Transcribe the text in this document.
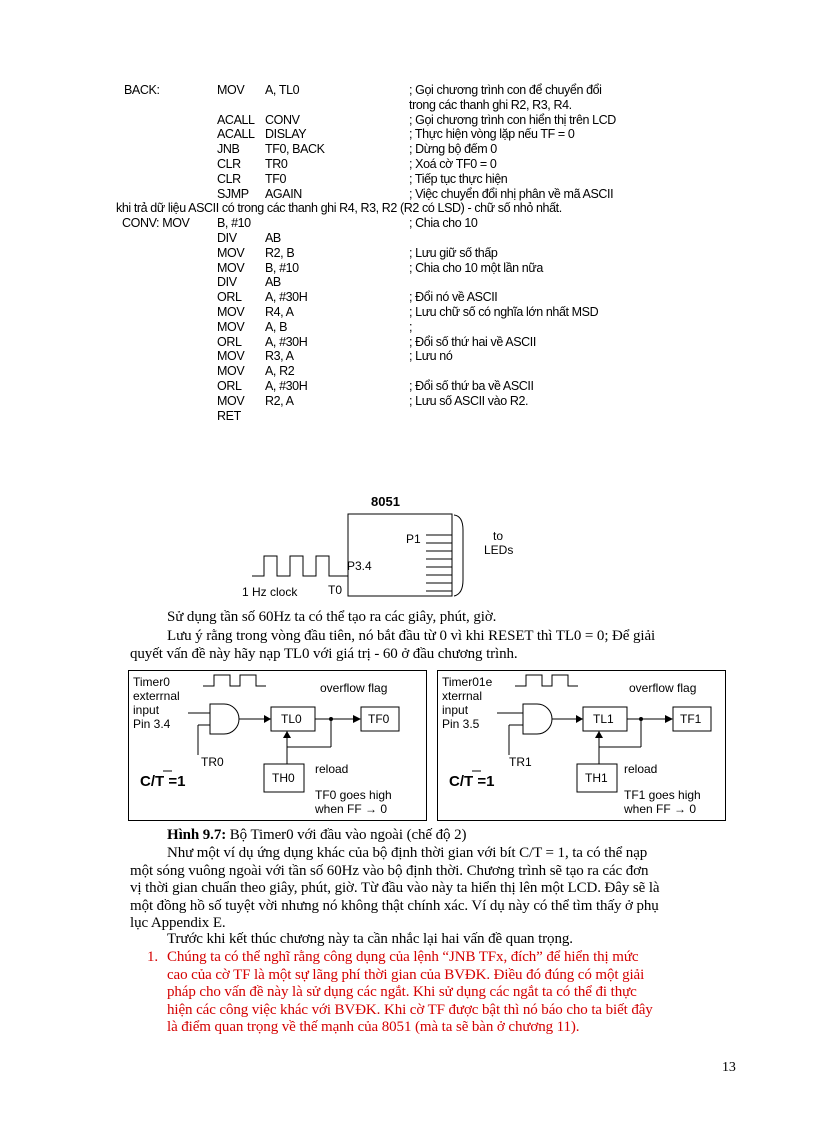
BACK:	MOV A, TL0	; Gọi chương trình con để chuyển đổi
trong các thanh ghi R2, R3, R4.
ACALL CONV	; Gọi chương trình con hiển thị trên LCD
ACALL DISLAY	; Thực hiện vòng lặp nếu TF = 0
JNB TF0, BACK	; Dừng bộ đếm 0
CLR TR0	; Xoá cờ TF0 = 0
CLR TF0	; Tiếp tục thực hiện
SJMP AGAIN	; Việc chuyển đổi nhị phân về mã ASCII
khi trả dữ liệu ASCII có trong các thanh ghi R4, R3, R2 (R2 có LSD) - chữ số nhỏ nhất.
CONV: MOV B, #10	; Chia cho 10
DIV AB
MOV R2, B	; Lưu giữ số thấp
MOV B, #10	; Chia cho 10 một lần nữa
DIV AB
ORL A, #30H	; Đổi nó về ASCII
MOV R4, A	; Lưu chữ số có nghĩa lớn nhất MSD
MOV A, B	;
ORL A, #30H	; Đổi số thứ hai về ASCII
MOV R3, A	; Lưu nó
MOV A, R2
ORL A, #30H	; Đổi số thứ ba về ASCII
MOV R2, A	; Lưu số ASCII vào R2.
RET
8051
P1	to
LEDs
P3.4
1 Hz clock	T0
Sử dụng tần số 60Hz ta có thể tạo ra các giây, phút, giờ.
Lưu ý rằng trong vòng đầu tiên, nó bắt đầu từ 0 vì khi RESET thì TL0 = 0; Để giải
quyết vấn đề này hãy nạp TL0 với giá trị - 60 ở đầu chương trình.
Timer0
exterrnal
input
Pin 3.4
overflow flag
TL0	TF0
TR0
TH0
reload
C/T =1
TF0 goes high
when FF → 0
Timer01e
xterrnal
input
Pin 3.5
overflow flag
TL1	TF1
TR1
TH1
reload
C/T =1
TF1 goes high
when FF → 0
Hình 9.7: Bộ Timer0 với đầu vào ngoài (chế độ 2)
Như một ví dụ ứng dụng khác của bộ định thời gian với bít C/T = 1, ta có thể nạp
một sóng vuông ngoài với tần số 60Hz vào bộ định thời. Chương trình sẽ tạo ra các đơn
vị thời gian chuẩn theo giây, phút, giờ. Từ đầu vào này ta hiển thị lên một LCD. Đây sẽ là
một đồng hồ số tuyệt vời nhưng nó không thật chính xác. Ví dụ này có thể tìm thấy ở phụ
lục Appendix E.
Trước khi kết thúc chương này ta cần nhắc lại hai vấn đề quan trọng.
1. Chúng ta có thể nghĩ rằng công dụng của lệnh “JNB TFx, đích” để hiển thị mức
cao của cờ TF là một sự lãng phí thời gian của BVĐK. Điều đó đúng có một giải
pháp cho vấn đề này là sử dụng các ngắt. Khi sử dụng các ngắt ta có thể đi thực
hiện các công việc khác với BVĐK. Khi cờ TF được bật thì nó báo cho ta biết đây
là điểm quan trọng về thế mạnh của 8051 (mà ta sẽ bàn ở chương 11).
13
